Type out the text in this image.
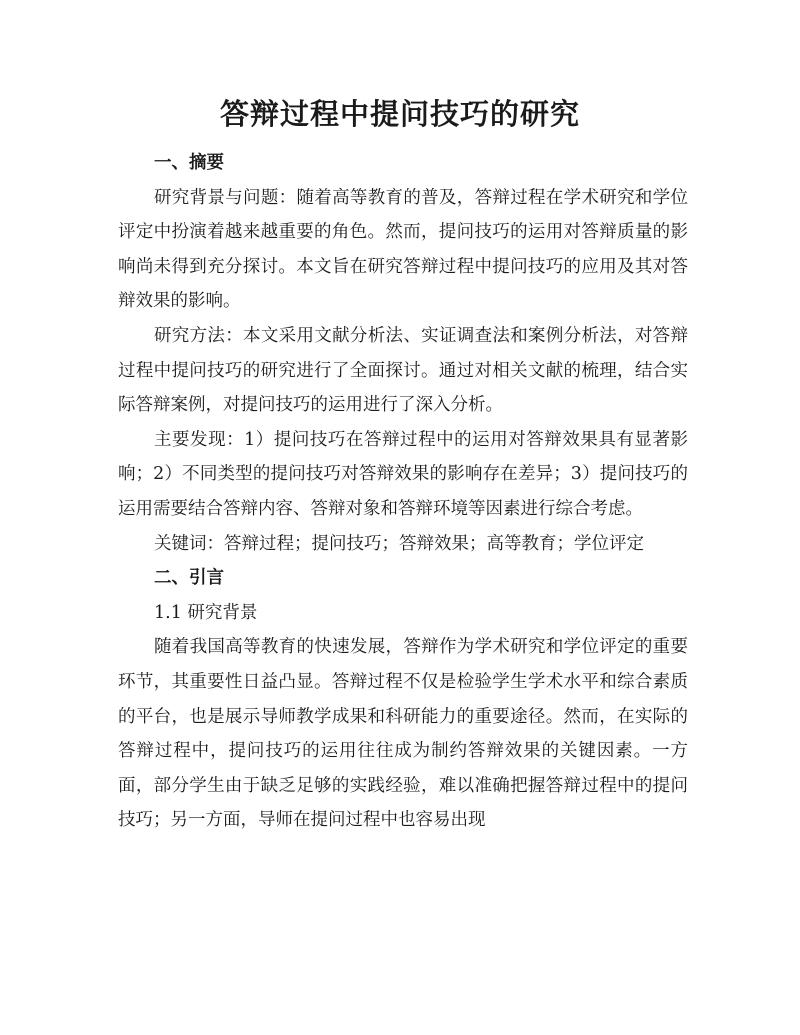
答辩过程中提问技巧的研究

一、摘要

研究背景与问题：随着高等教育的普及，答辩过程在学术研究和学位评定中扮演着越来越重要的角色。然而，提问技巧的运用对答辩质量的影响尚未得到充分探讨。本文旨在研究答辩过程中提问技巧的应用及其对答辩效果的影响。

研究方法：本文采用文献分析法、实证调查法和案例分析法，对答辩过程中提问技巧的研究进行了全面探讨。通过对相关文献的梳理，结合实际答辩案例，对提问技巧的运用进行了深入分析。

主要发现：1）提问技巧在答辩过程中的运用对答辩效果具有显著影响；2）不同类型的提问技巧对答辩效果的影响存在差异；3）提问技巧的运用需要结合答辩内容、答辩对象和答辩环境等因素进行综合考虑。

关键词：答辩过程；提问技巧；答辩效果；高等教育；学位评定

二、引言

1.1 研究背景

随着我国高等教育的快速发展，答辩作为学术研究和学位评定的重要环节，其重要性日益凸显。答辩过程不仅是检验学生学术水平和综合素质的平台，也是展示导师教学成果和科研能力的重要途径。然而，在实际的答辩过程中，提问技巧的运用往往成为制约答辩效果的关键因素。一方面，部分学生由于缺乏足够的实践经验，难以准确把握答辩过程中的提问技巧；另一方面，导师在提问过程中也容易出现
